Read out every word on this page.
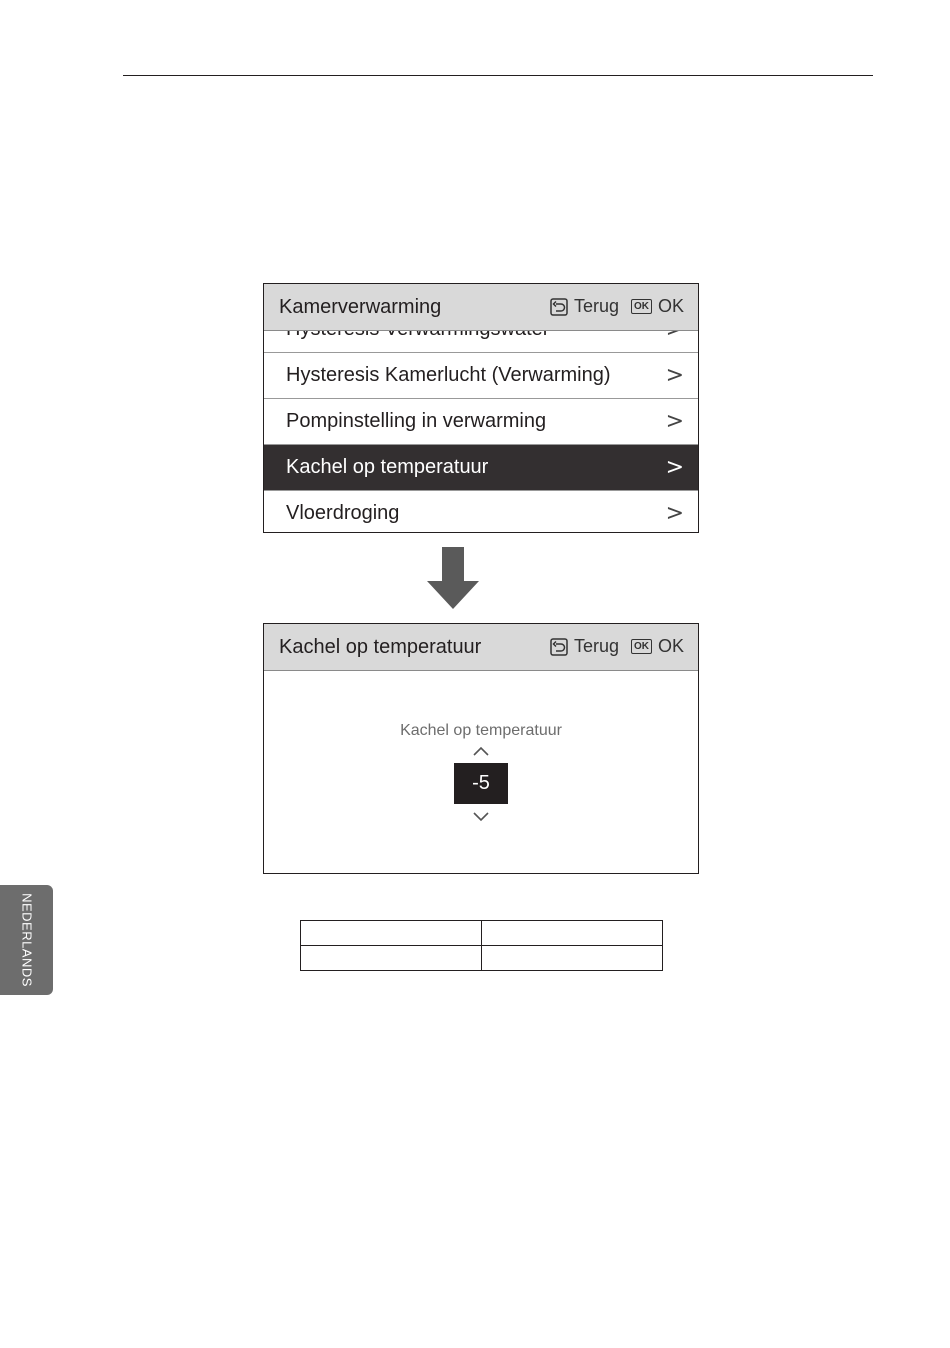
Hysteresis Kamerlucht (Verwarming)	>
Pompinstelling in verwarming	>
Kachel op temperatuur	>
Vloerdroging	>
Kamerverwarming	Terug	OK OK
Kachel op temperatuur	Terug	OK OK
Kachel op temperatuur
-5

NEDERLANDS
